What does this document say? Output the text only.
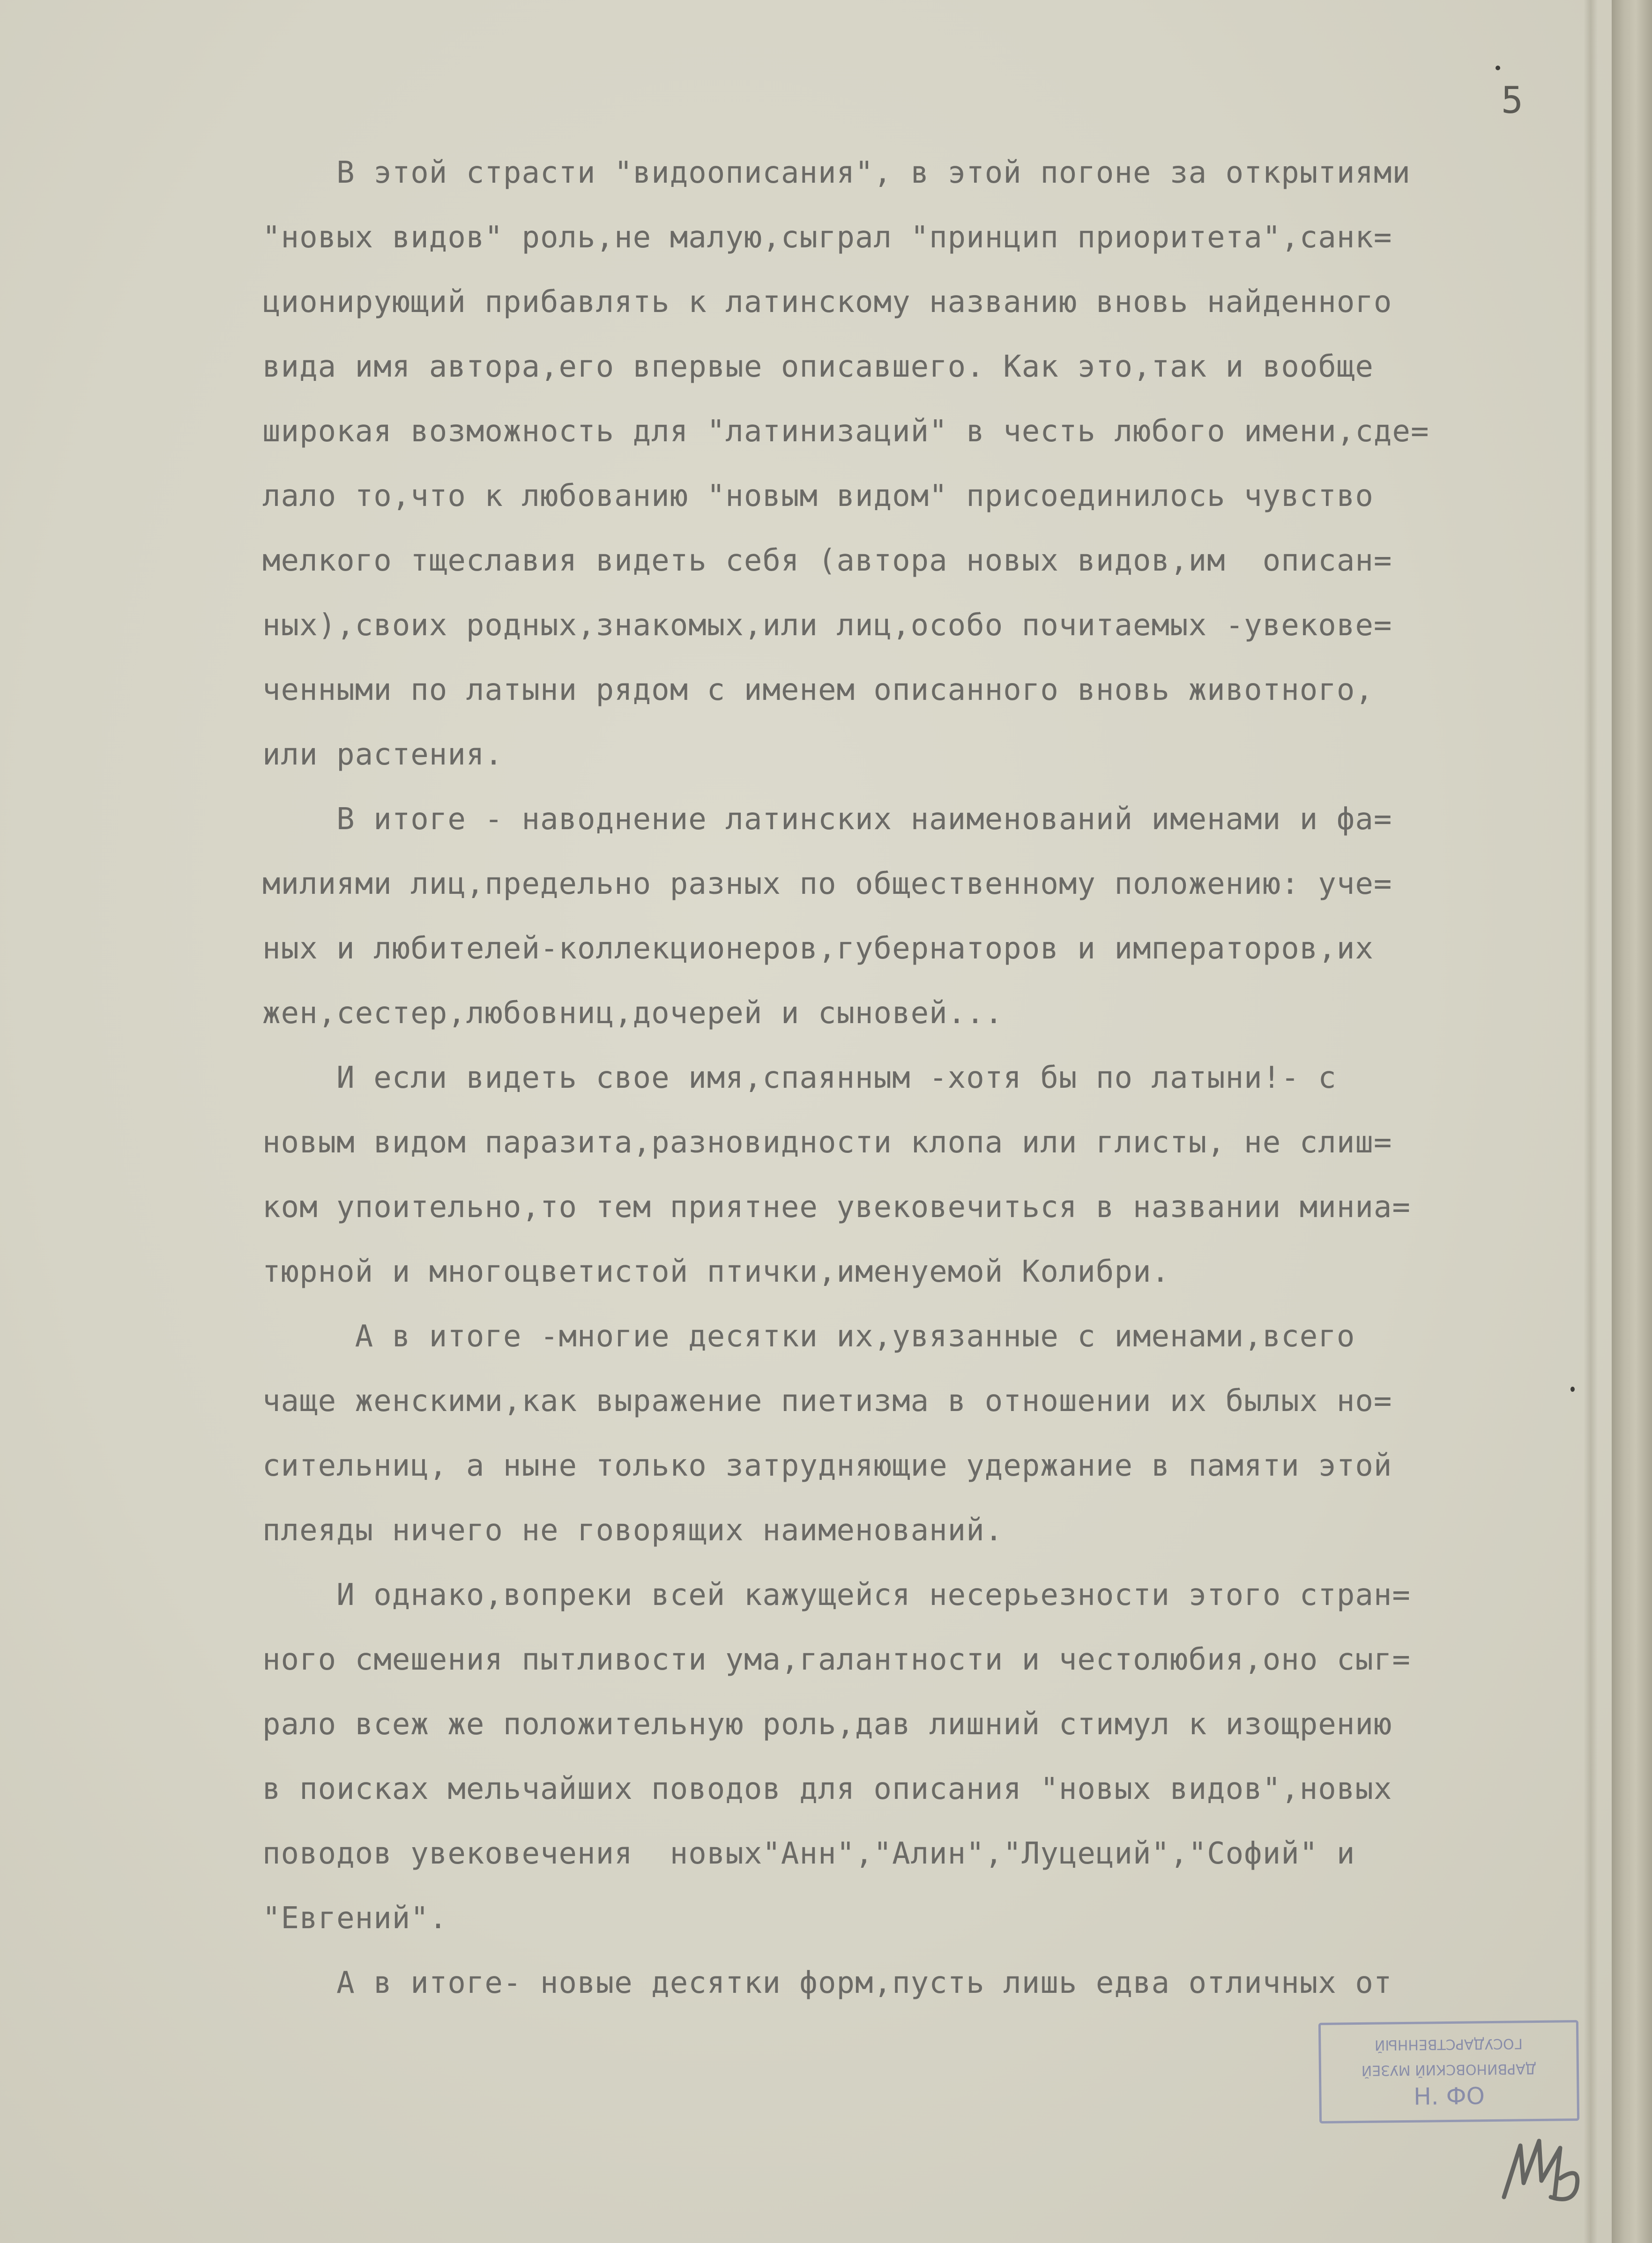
5
В этой страсти "видоописания", в этой погоне за открытиями
"новых видов" роль,не малую,сыграл "принцип приоритета",санк=
ционирующий прибавлять к латинскому названию вновь найденного
вида имя автора,его впервые описавшего. Как это,так и вообще
широкая возможность для "латинизаций" в честь любого имени,сде=
лало то,что к любованию "новым видом" присоединилось чувство
мелкого тщеславия видеть себя (автора новых видов,им  описан=
ных),своих родных,знакомых,или лиц,особо почитаемых -увекове=
ченными по латыни рядом с именем описанного вновь животного,
или растения.
В итоге - наводнение латинских наименований именами и фа=
милиями лиц,предельно разных по общественному положению: уче=
ных и любителей-коллекционеров,губернаторов и императоров,их
жен,сестер,любовниц,дочерей и сыновей...
И если видеть свое имя,спаянным -хотя бы по латыни!- с
новым видом паразита,разновидности клопа или глисты, не слиш=
ком упоительно,то тем приятнее увековечиться в названии миниа=
тюрной и многоцветистой птички,именуемой Колибри.
А в итоге -многие десятки их,увязанные с именами,всего
чаще женскими,как выражение пиетизма в отношении их былых но=
сительниц, а ныне только затрудняющие удержание в памяти этой
плеяды ничего не говорящих наименований.
И однако,вопреки всей кажущейся несерьезности этого стран=
ного смешения пытливости ума,галантности и честолюбия,оно сыг=
рало всеж же положительную роль,дав лишний стимул к изощрению
в поисках мельчайших поводов для описания "новых видов",новых
поводов увековечения  новых"Анн","Алин","Луцеций","Софий" и
"Евгений".
А в итоге- новые десятки форм,пусть лишь едва отличных от
ГОСУДАРСТВЕННЫЙ
ДАРВИНОВСКИЙ МУЗЕЙ
Н. ФО
